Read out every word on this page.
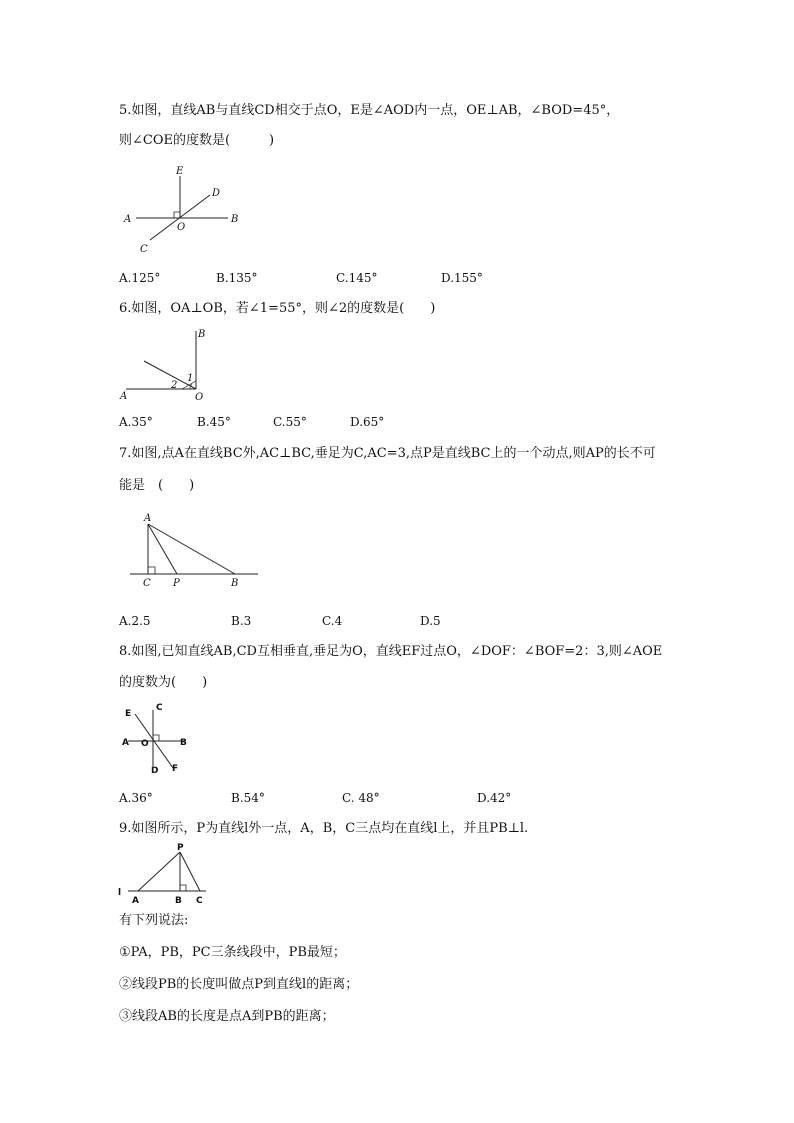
5.如图，直线AB与直线CD相交于点O，E是∠AOD内一点，OE⊥AB，∠BOD=45°，
则∠COE的度数是(　　　)
A	B
C
D
E
O
A.125°	B.135°	C.145°	D.155°
6.如图，OA⊥OB，若∠1=55°，则∠2的度数是(　　)
A
B
O
1
2
A.35°	B.45°	C.55°	D.65°
7.如图,点A在直线BC外,AC⊥BC,垂足为C,AC=3,点P是直线BC上的一个动点,则AP的长不可
能是　(　　)
A
B
C P
A.2.5	B.3	C.4	D.5
8.如图,已知直线AB,CD互相垂直,垂足为O，直线EF过点O，∠DOF：∠BOF=2：3,则∠AOE
的度数为(　　)
A	B
C
D
E
F
O
A.36°	B.54°	C. 48°	D.42°
9.如图所示，P为直线l外一点，A，B，C三点均在直线l上，并且PB⊥l.
l
A	B C
P
有下列说法:
①PA，PB，PC三条线段中，PB最短；
②线段PB的长度叫做点P到直线l的距离；
③线段AB的长度是点A到PB的距离；
